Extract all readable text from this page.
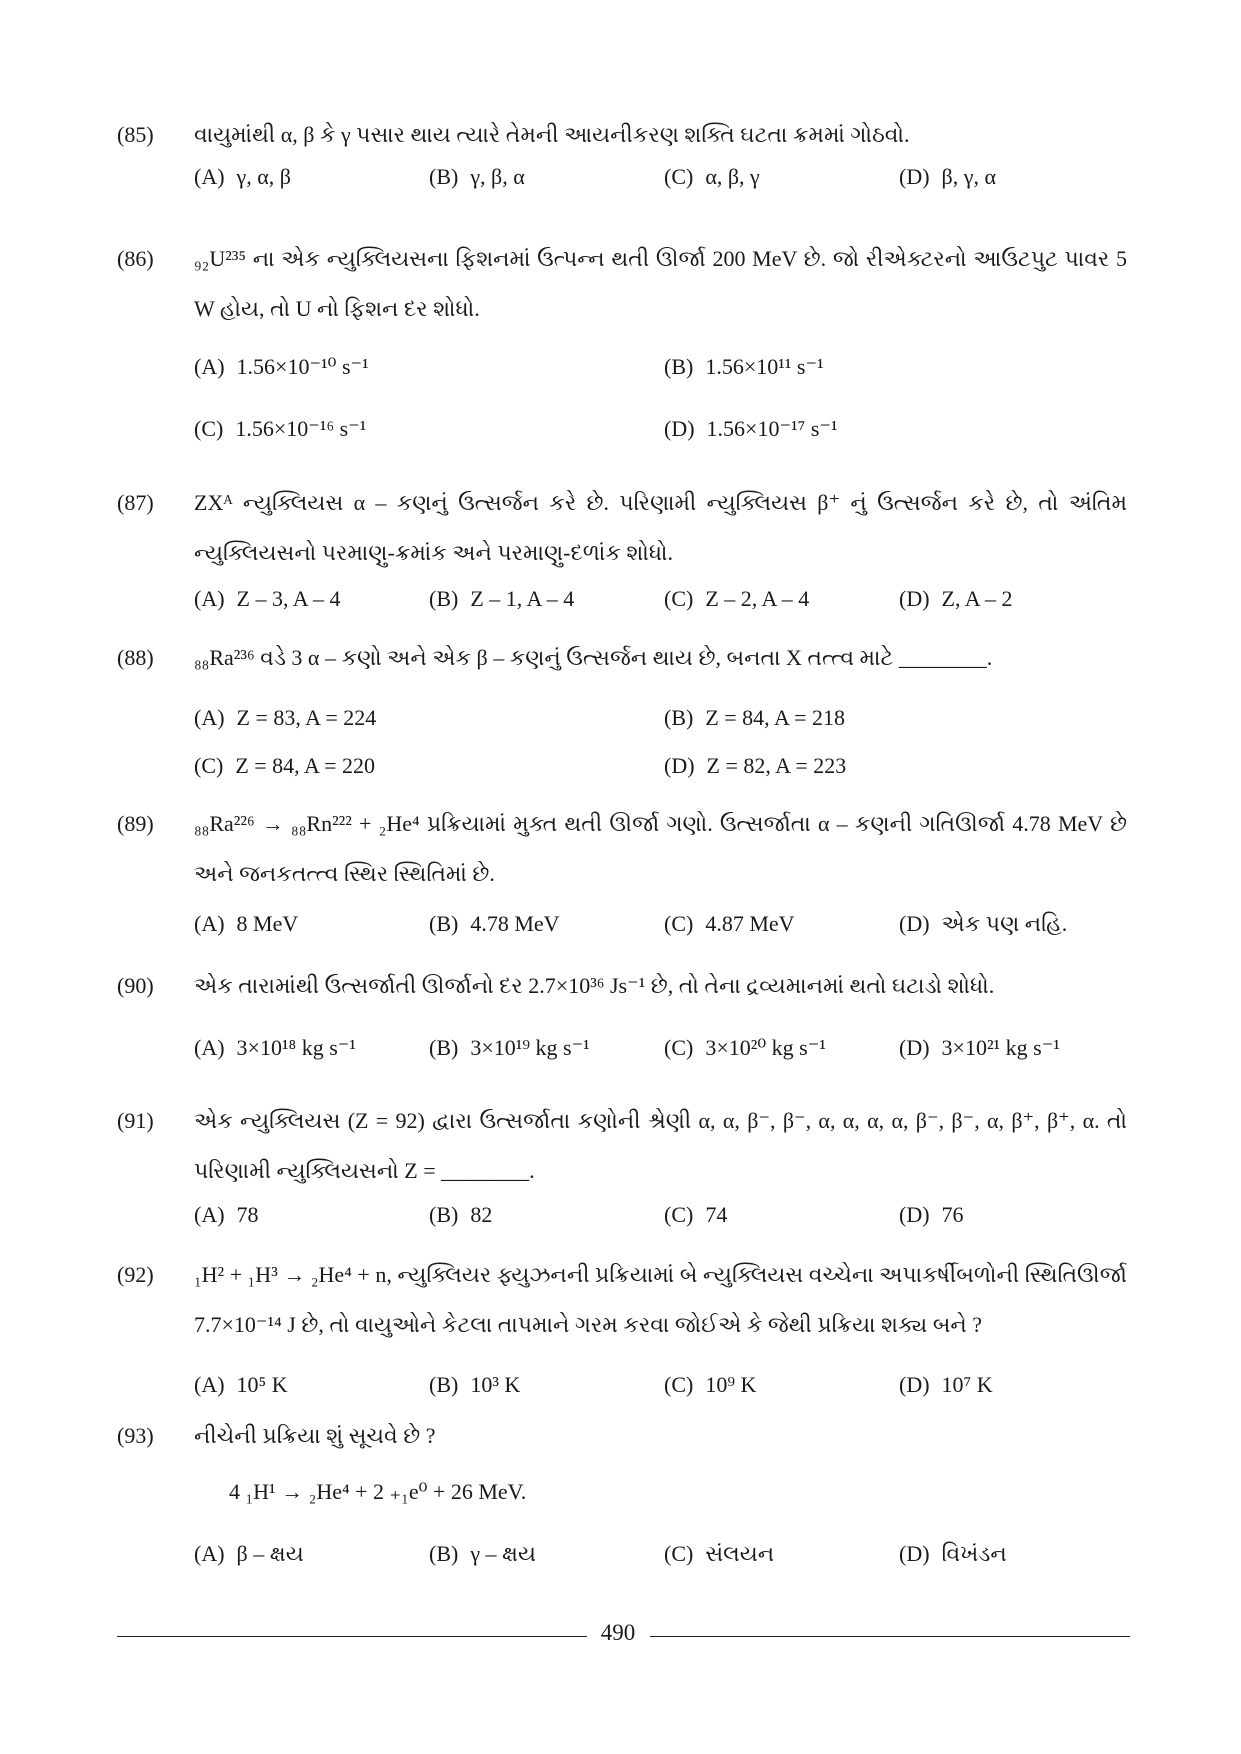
(85) વાયુમાંથી α, β કે γ પસાર થાય ત્યારે તેમની આયનીકરણ શક્તિ ઘટતા ક્રમમાં ગોઠવો.
(A) γ, α, β	(B) γ, β, α	(C) α, β, γ	(D) β, γ, α
(86) ₉₂U²³⁵ ના એક ન્યુક્લિયસના ફિશનમાં ઉત્પન્ન થતી ઊર્જા 200 MeV છે. જો રીએક્ટરનો આઉટપુટ પાવર 5 W હોય, તો U નો ફિશન દર શોધો.
(A) 1.56×10⁻¹⁰ s⁻¹	(B) 1.56×10¹¹ s⁻¹
(C) 1.56×10⁻¹⁶ s⁻¹	(D) 1.56×10⁻¹⁷ s⁻¹
(87) ZXᴬ ન્યુક્લિયસ α – કણનું ઉત્સર્જન કરે છે. પરિણામી ન્યુક્લિયસ β⁺ નું ઉત્સર્જન કરે છે, તો અંતિમ ન્યુક્લિયસનો પરમાણુ-ક્રમાંક અને પરમાણુ-દળાંક શોધો.
(A) Z – 3, A – 4	(B) Z – 1, A – 4	(C) Z – 2, A – 4	(D) Z, A – 2
(88) ₈₈Ra²³⁶ વડે 3 α – કણો અને એક β – કણનું ઉત્સર્જન થાય છે, બનતા X તત્ત્વ માટે ________.
(A) Z = 83, A = 224	(B) Z = 84, A = 218
(C) Z = 84, A = 220	(D) Z = 82, A = 223
(89) ₈₈Ra²²⁶ → ₈₈Rn²²² + ₂He⁴ પ્રક્રિયામાં મુક્ત થતી ઊર્જા ગણો. ઉત્સર્જાતા α – કણની ગતિઊર્જા 4.78 MeV છે અને જનકતત્ત્વ સ્થિર સ્થિતિમાં છે.
(A) 8 MeV	(B) 4.78 MeV	(C) 4.87 MeV	(D) એક પણ નહિ.
(90) એક તારામાંથી ઉત્સર્જાતી ઊર્જાનો દર 2.7×10³⁶ Js⁻¹ છે, તો તેના દ્રવ્યમાનમાં થતો ઘટાડો શોધો.
(A) 3×10¹⁸ kg s⁻¹	(B) 3×10¹⁹ kg s⁻¹	(C) 3×10²⁰ kg s⁻¹	(D) 3×10²¹ kg s⁻¹
(91) એક ન્યુક્લિયસ (Z = 92) દ્વારા ઉત્સર્જાતા કણોની શ્રેણી α, α, β⁻, β⁻, α, α, α, α, β⁻, β⁻, α, β⁺, β⁺, α. તો પરિણામી ન્યુક્લિયસનો Z = ________.
(A) 78	(B) 82	(C) 74	(D) 76
(92) ₁H² + ₁H³ → ₂He⁴ + n, ન્યુક્લિયર ફ્યુઝનની પ્રક્રિયામાં બે ન્યુક્લિયસ વચ્ચેના અપાકર્ષીબળોની સ્થિતિઊર્જા 7.7×10⁻¹⁴ J છે, તો વાયુઓને કેટલા તાપમાને ગરમ કરવા જોઈએ કે જેથી પ્રક્રિયા શક્ય બને ?
(A) 10⁵ K	(B) 10³ K	(C) 10⁹ K	(D) 10⁷ K
(93) નીચેની પ્રક્રિયા શું સૂચવે છે ?
4 ₁H¹ → ₂He⁴ + 2 ₊₁e⁰ + 26 MeV.
(A) β – ક્ષય	(B) γ – ક્ષય	(C) સંલયન	(D) વિખંડન
490
